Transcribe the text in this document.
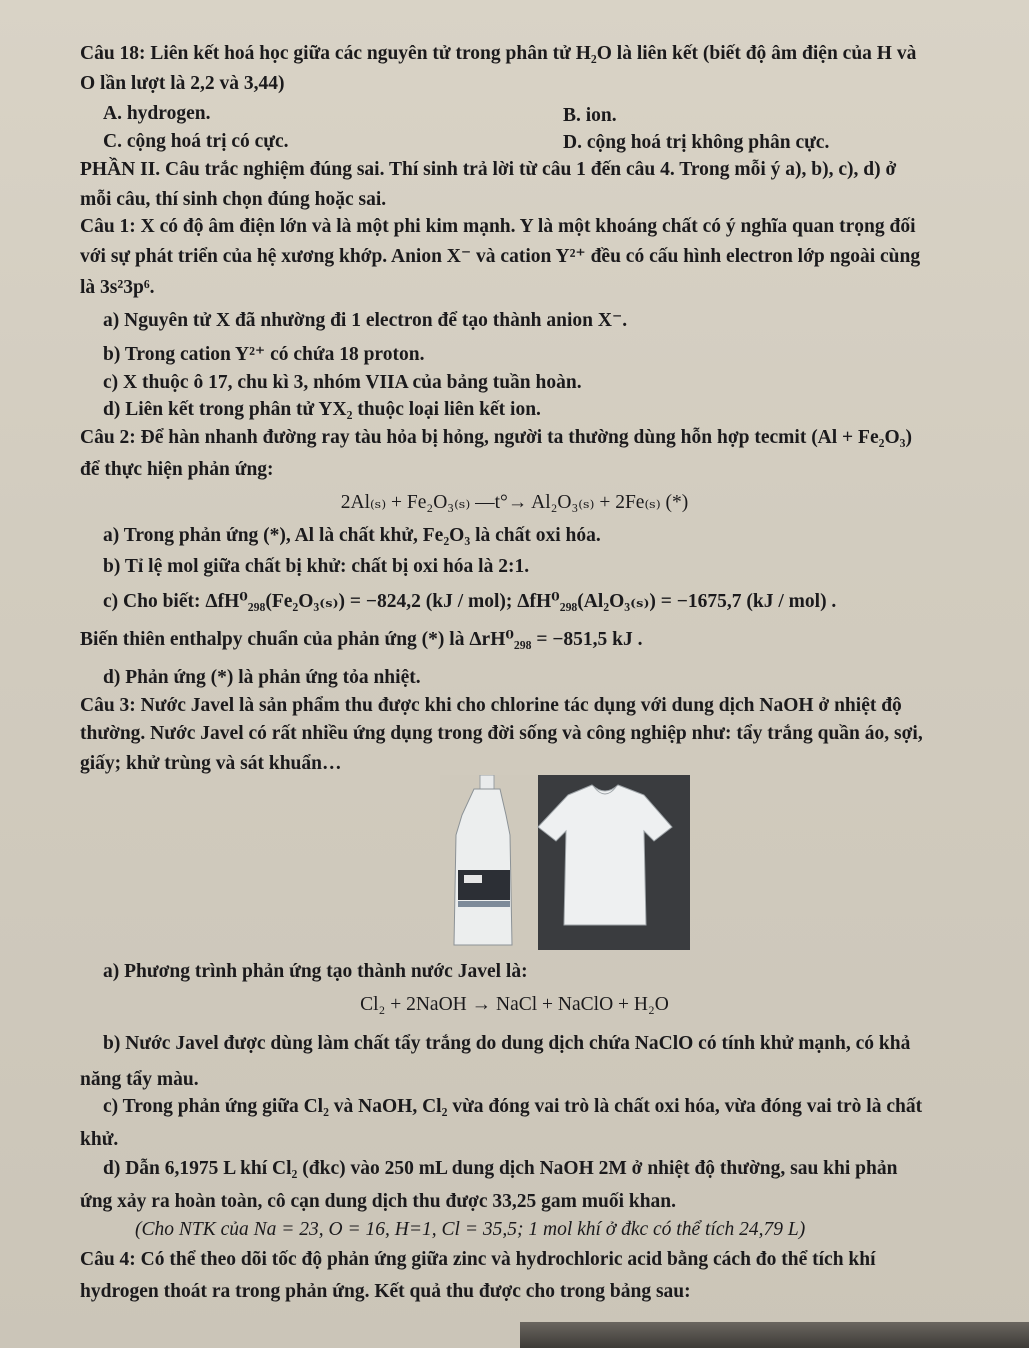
Câu 18: Liên kết hoá học giữa các nguyên tử trong phân tử H₂O là liên kết (biết độ âm điện của H và
O lần lượt là 2,2 và 3,44)
A. hydrogen.	B. ion.
C. cộng hoá trị có cực.	D. cộng hoá trị không phân cực.
PHẦN II. Câu trắc nghiệm đúng sai. Thí sinh trả lời từ câu 1 đến câu 4. Trong mỗi ý a), b), c), d) ở
mỗi câu, thí sinh chọn đúng hoặc sai.
Câu 1: X có độ âm điện lớn và là một phi kim mạnh. Y là một khoáng chất có ý nghĩa quan trọng đối
với sự phát triển của hệ xương khớp. Anion X⁻ và cation Y²⁺ đều có cấu hình electron lớp ngoài cùng
là 3s²3p⁶.
a) Nguyên tử X đã nhường đi 1 electron để tạo thành anion X⁻.
b) Trong cation Y²⁺ có chứa 18 proton.
c) X thuộc ô 17, chu kì 3, nhóm VIIA của bảng tuần hoàn.
d) Liên kết trong phân tử YX₂ thuộc loại liên kết ion.
Câu 2: Để hàn nhanh đường ray tàu hỏa bị hỏng, người ta thường dùng hỗn hợp tecmit (Al + Fe₂O₃)
để thực hiện phản ứng:
2Al₍ₛ₎ + Fe₂O₃₍ₛ₎ —t°→ Al₂O₃₍ₛ₎ + 2Fe₍ₛ₎ (*)
a) Trong phản ứng (*), Al là chất khử, Fe₂O₃ là chất oxi hóa.
b) Tỉ lệ mol giữa chất bị khử: chất bị oxi hóa là 2:1.
c) Cho biết: ΔfH⁰₂₉₈(Fe₂O₃₍ₛ₎) = −824,2 (kJ / mol); ΔfH⁰₂₉₈(Al₂O₃₍ₛ₎) = −1675,7 (kJ / mol) .
Biến thiên enthalpy chuẩn của phản ứng (*) là ΔrH⁰₂₉₈ = −851,5 kJ .
d) Phản ứng (*) là phản ứng tỏa nhiệt.
Câu 3: Nước Javel là sản phẩm thu được khi cho chlorine tác dụng với dung dịch NaOH ở nhiệt độ
thường. Nước Javel có rất nhiều ứng dụng trong đời sống và công nghiệp như: tẩy trắng quần áo, sợi,
giấy; khử trùng và sát khuẩn…
a) Phương trình phản ứng tạo thành nước Javel là:
Cl₂ + 2NaOH → NaCl + NaClO + H₂O
b) Nước Javel được dùng làm chất tẩy trắng do dung dịch chứa NaClO có tính khử mạnh, có khả
năng tẩy màu.
c) Trong phản ứng giữa Cl₂ và NaOH, Cl₂ vừa đóng vai trò là chất oxi hóa, vừa đóng vai trò là chất
khử.
d) Dẫn 6,1975 L khí Cl₂ (đkc) vào 250 mL dung dịch NaOH 2M ở nhiệt độ thường, sau khi phản
ứng xảy ra hoàn toàn, cô cạn dung dịch thu được 33,25 gam muối khan.
(Cho NTK của Na = 23, O = 16, H=1, Cl = 35,5; 1 mol khí ở đkc có thể tích 24,79 L)
Câu 4: Có thể theo dõi tốc độ phản ứng giữa zinc và hydrochloric acid bằng cách đo thể tích khí
hydrogen thoát ra trong phản ứng. Kết quả thu được cho trong bảng sau:
